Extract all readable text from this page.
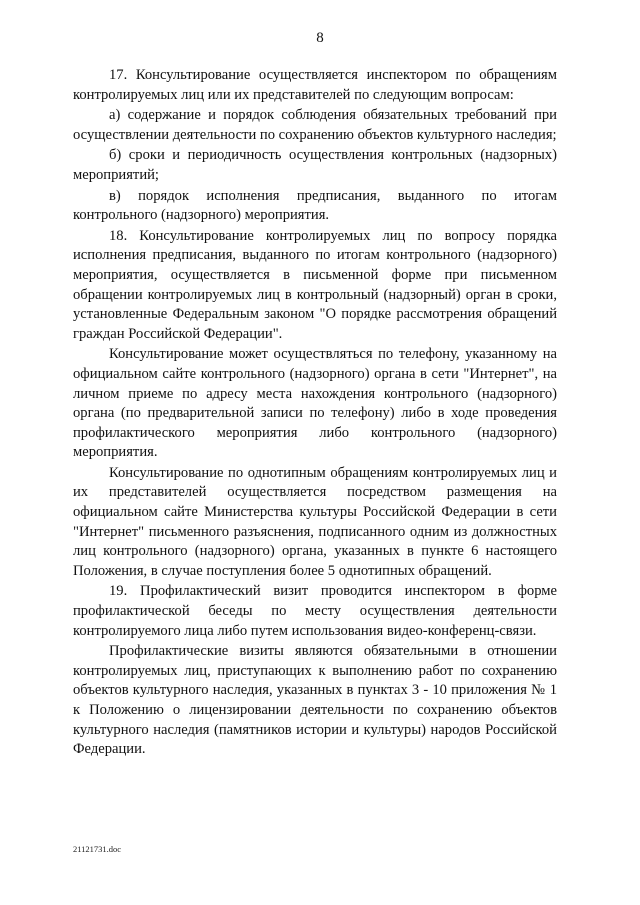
8

17. Консультирование осуществляется инспектором по обращениям контролируемых лиц или их представителей по следующим вопросам:

а) содержание и порядок соблюдения обязательных требований при осуществлении деятельности по сохранению объектов культурного наследия;

б) сроки и периодичность осуществления контрольных (надзорных) мероприятий;

в) порядок исполнения предписания, выданного по итогам контрольного (надзорного) мероприятия.

18. Консультирование контролируемых лиц по вопросу порядка исполнения предписания, выданного по итогам контрольного (надзорного) мероприятия, осуществляется в письменной форме при письменном обращении контролируемых лиц в контрольный (надзорный) орган в сроки, установленные Федеральным законом "О порядке рассмотрения обращений граждан Российской Федерации".

Консультирование может осуществляться по телефону, указанному на официальном сайте контрольного (надзорного) органа в сети "Интернет", на личном приеме по адресу места нахождения контрольного (надзорного) органа (по предварительной записи по телефону) либо в ходе проведения профилактического мероприятия либо контрольного (надзорного) мероприятия.

Консультирование по однотипным обращениям контролируемых лиц и их представителей осуществляется посредством размещения на официальном сайте Министерства культуры Российской Федерации в сети "Интернет" письменного разъяснения, подписанного одним из должностных лиц контрольного (надзорного) органа, указанных в пункте 6 настоящего Положения, в случае поступления более 5 однотипных обращений.

19. Профилактический визит проводится инспектором в форме профилактической беседы по месту осуществления деятельности контролируемого лица либо путем использования видео-конференц-связи.

Профилактические визиты являются обязательными в отношении контролируемых лиц, приступающих к выполнению работ по сохранению объектов культурного наследия, указанных в пунктах 3 - 10 приложения № 1 к Положению о лицензировании деятельности по сохранению объектов культурного наследия (памятников истории и культуры) народов Российской Федерации.

21121731.doc
